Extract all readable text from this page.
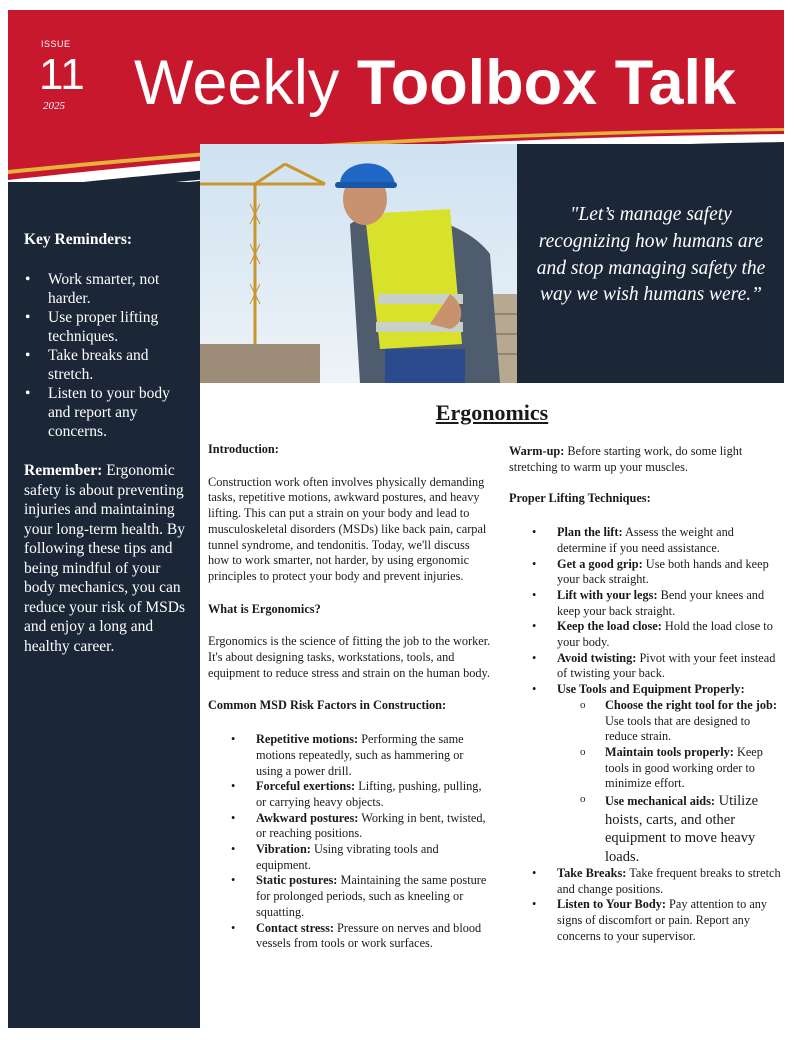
ISSUE
11
2025 Weekly Toolbox Talk
Key Reminders:
• Work smarter, not harder.
• Use proper lifting techniques.
• Take breaks and stretch.
• Listen to your body and report any concerns.
Remember: Ergonomic safety is about preventing injuries and maintaining your long-term health. By following these tips and being mindful of your body mechanics, you can reduce your risk of MSDs and enjoy a long and healthy career.
"Let’s manage safety recognizing how humans are and stop managing safety the way we wish humans were.”
Ergonomics

Introduction:

Construction work often involves physically demanding tasks, repetitive motions, awkward postures, and heavy lifting. This can put a strain on your body and lead to musculoskeletal disorders (MSDs) like back pain, carpal tunnel syndrome, and tendonitis. Today, we'll discuss how to work smarter, not harder, by using ergonomic principles to protect your body and prevent injuries.

What is Ergonomics?

Ergonomics is the science of fitting the job to the worker. It's about designing tasks, workstations, tools, and equipment to reduce stress and strain on the human body.

Common MSD Risk Factors in Construction:

• Repetitive motions: Performing the same motions repeatedly, such as hammering or using a power drill.
• Forceful exertions: Lifting, pushing, pulling, or carrying heavy objects.
• Awkward postures: Working in bent, twisted, or reaching positions.
• Vibration: Using vibrating tools and equipment.
• Static postures: Maintaining the same posture for prolonged periods, such as kneeling or squatting.
• Contact stress: Pressure on nerves and blood vessels from tools or work surfaces.

Warm-up: Before starting work, do some light stretching to warm up your muscles.

Proper Lifting Techniques:

• Plan the lift: Assess the weight and determine if you need assistance.
• Get a good grip: Use both hands and keep your back straight.
• Lift with your legs: Bend your knees and keep your back straight.
• Keep the load close: Hold the load close to your body.
• Avoid twisting: Pivot with your feet instead of twisting your back.
• Use Tools and Equipment Properly:
o Choose the right tool for the job: Use tools that are designed to reduce strain.
o Maintain tools properly: Keep tools in good working order to minimize effort.
o Use mechanical aids: Utilize hoists, carts, and other equipment to move heavy loads.
• Take Breaks: Take frequent breaks to stretch and change positions.
• Listen to Your Body: Pay attention to any signs of discomfort or pain. Report any concerns to your supervisor.
